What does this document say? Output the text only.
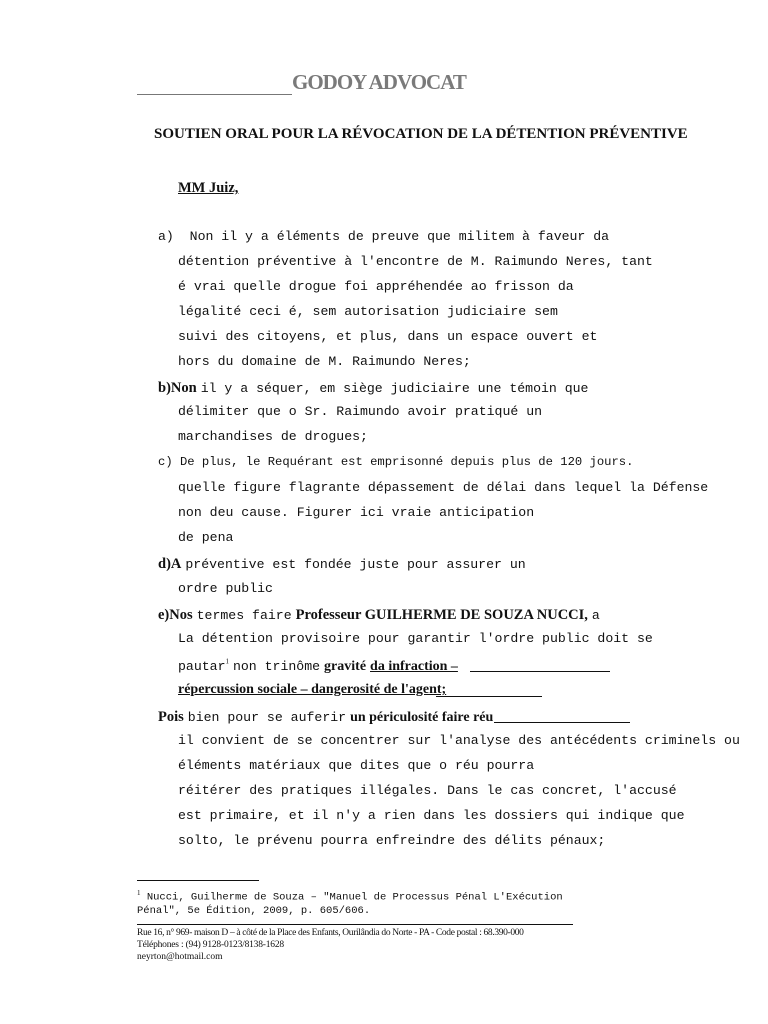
GODOY ADVOCAT
SOUTIEN ORAL POUR LA RÉVOCATION DE LA DÉTENTION PRÉVENTIVE
MM Juiz,
a) Non il y a éléments de preuve que militem à faveur da
détention préventive à l'encontre de M. Raimundo Neres, tant
é vrai quelle drogue foi appréhendée ao frisson da
légalité ceci é, sem autorisation judiciaire sem
suivi des citoyens, et plus, dans un espace ouvert et
hors du domaine de M. Raimundo Neres;
b)Non il y a séquer, em siège judiciaire une témoin que
délimiter que o Sr. Raimundo avoir pratiqué un
marchandises de drogues;
c) De plus, le Requérant est emprisonné depuis plus de 120 jours.
quelle figure flagrante dépassement de délai dans lequel la Défense
non deu cause. Figurer ici vraie anticipation
de pena
d)A préventive est fondée juste pour assurer un
ordre public
e)Nos termes faire Professeur GUILHERME DE SOUZA NUCCI, a
La détention provisoire pour garantir l'ordre public doit se
pautar$^1$ non trinôme gravité da infraction –
répercussion sociale – dangerosité de l'agent;
Pois bien pour se auferir un périculosité faire réu
il convient de se concentrer sur l'analyse des antécédents criminels ou
éléments matériaux que dites que o réu pourra
réitérer des pratiques illégales. Dans le cas concret, l'accusé
est primaire, et il n'y a rien dans les dossiers qui indique que
solto, le prévenu pourra enfreindre des délits pénaux;
$^1$ Nucci, Guilherme de Souza – "Manuel de Processus Pénal L'Exécution
Pénal", 5e Édition, 2009, p. 605/606.
Rue 16, n° 969- maison D – à côté de la Place des Enfants, Ourilândia do Norte - PA - Code postal : 68.390-000
Téléphones : (94) 9128-0123/8138-1628
neyrton@hotmail.com
